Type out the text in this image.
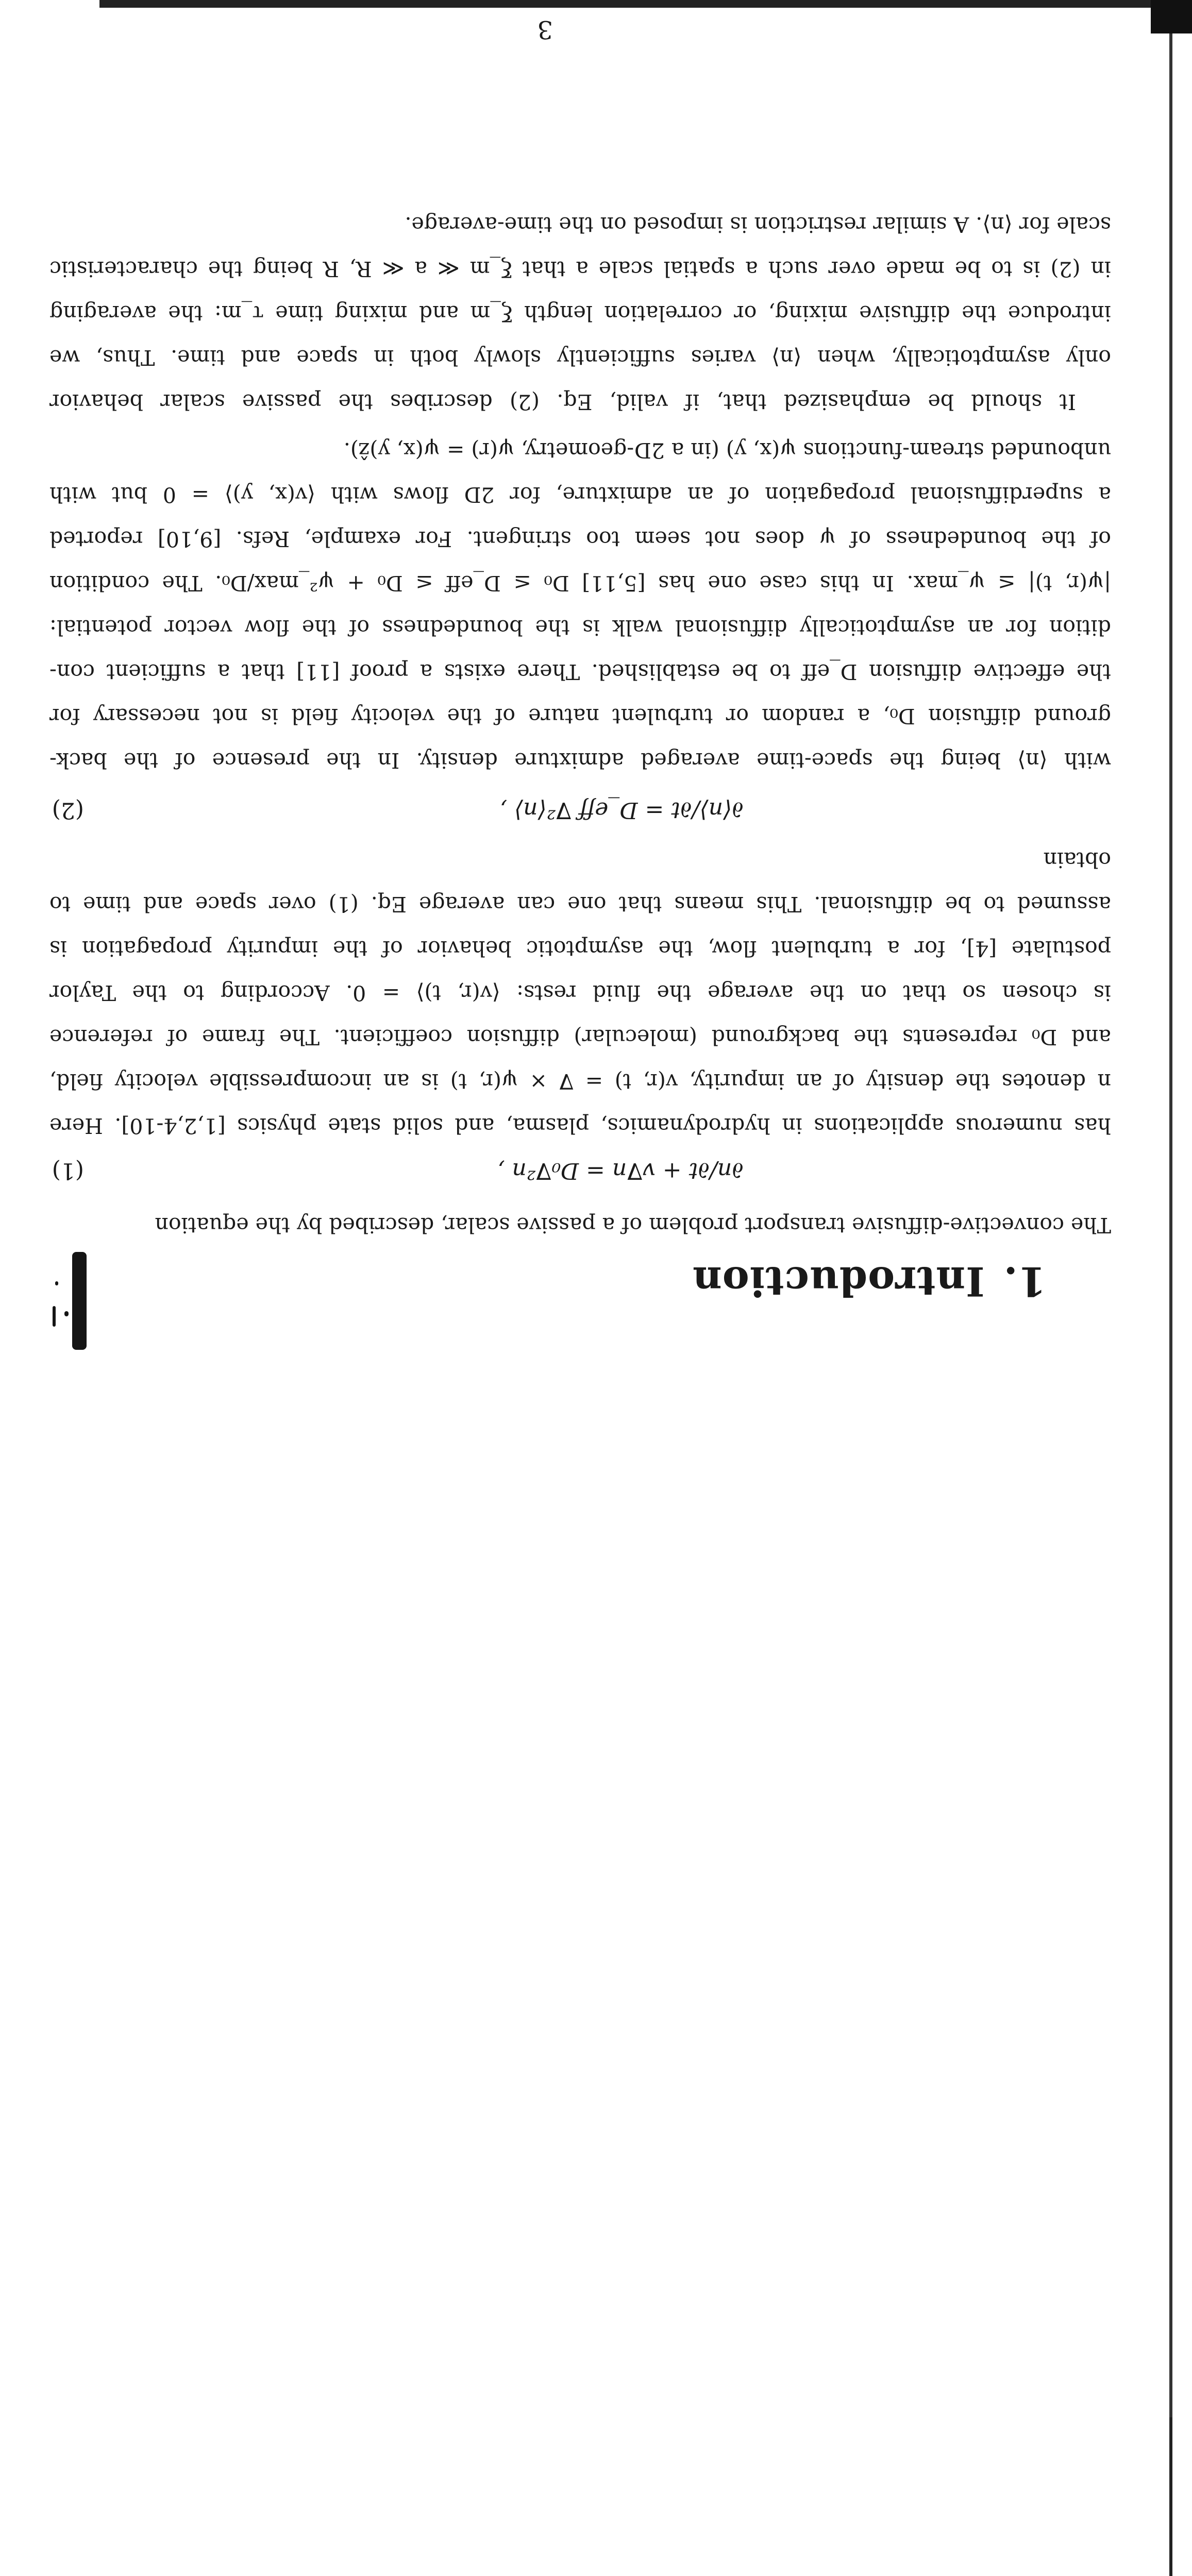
3
1.Introduction
The convective-diffusive transport problem of a passive scalar, described by the equation
∂n/∂t + v∇n = D₀∇²n ,
(1)
has numerous applications in hydrodynamics, plasma, and solid state physics [1,2,4-10]. Here
n denotes the density of an impurity, v(r, t) = ∇ × ψ(r, t) is an incompressible velocity field,
and D₀ represents the background (molecular) diffusion coefficient. The frame of reference
is chosen so that on the average the fluid rests: ⟨v(r, t)⟩ = 0. According to the Taylor
postulate [4], for a turbulent flow, the asymptotic behavior of the impurity propagation is
assumed to be diffusional. This means that one can average Eq. (1) over space and time to
obtain
∂⟨n⟩/∂t = D_eff ∇²⟨n⟩ ,
(2)
with ⟨n⟩ being the space-time averaged admixture density. In the presence of the back-
ground diffusion D₀, a random or turbulent nature of the velocity field is not necessary for
the effective diffusion D_eff to be established. There exists a proof [11] that a sufficient con-
dition for an asymptotically diffusional walk is the boundedness of the flow vector potential:
|ψ(r, t)| ≤ ψ_max. In this case one has [5,11] D₀ ≤ D_eff ≤ D₀ + ψ²_max/D₀. The condition
of the boundedness of ψ does not seem too stringent. For example, Refs. [9,10] reported
a superdiffusional propagation of an admixture, for 2D flows with ⟨v(x, y)⟩ = 0 but with
unbounded stream-functions ψ(x, y) (in a 2D-geometry, ψ(r) = ψ(x, y)ẑ).
It should be emphasized that, if valid, Eq. (2) describes the passive scalar behavior
only asymptotically, when ⟨n⟩ varies sufficiently slowly both in space and time. Thus, we
introduce the diffusive mixing, or correlation length ξ_m and mixing time τ_m: the averaging
in (2) is to be made over such a spatial scale a that ξ_m ≪ a ≪ R, R being the characteristic
scale for ⟨n⟩. A similar restriction is imposed on the time-average.
